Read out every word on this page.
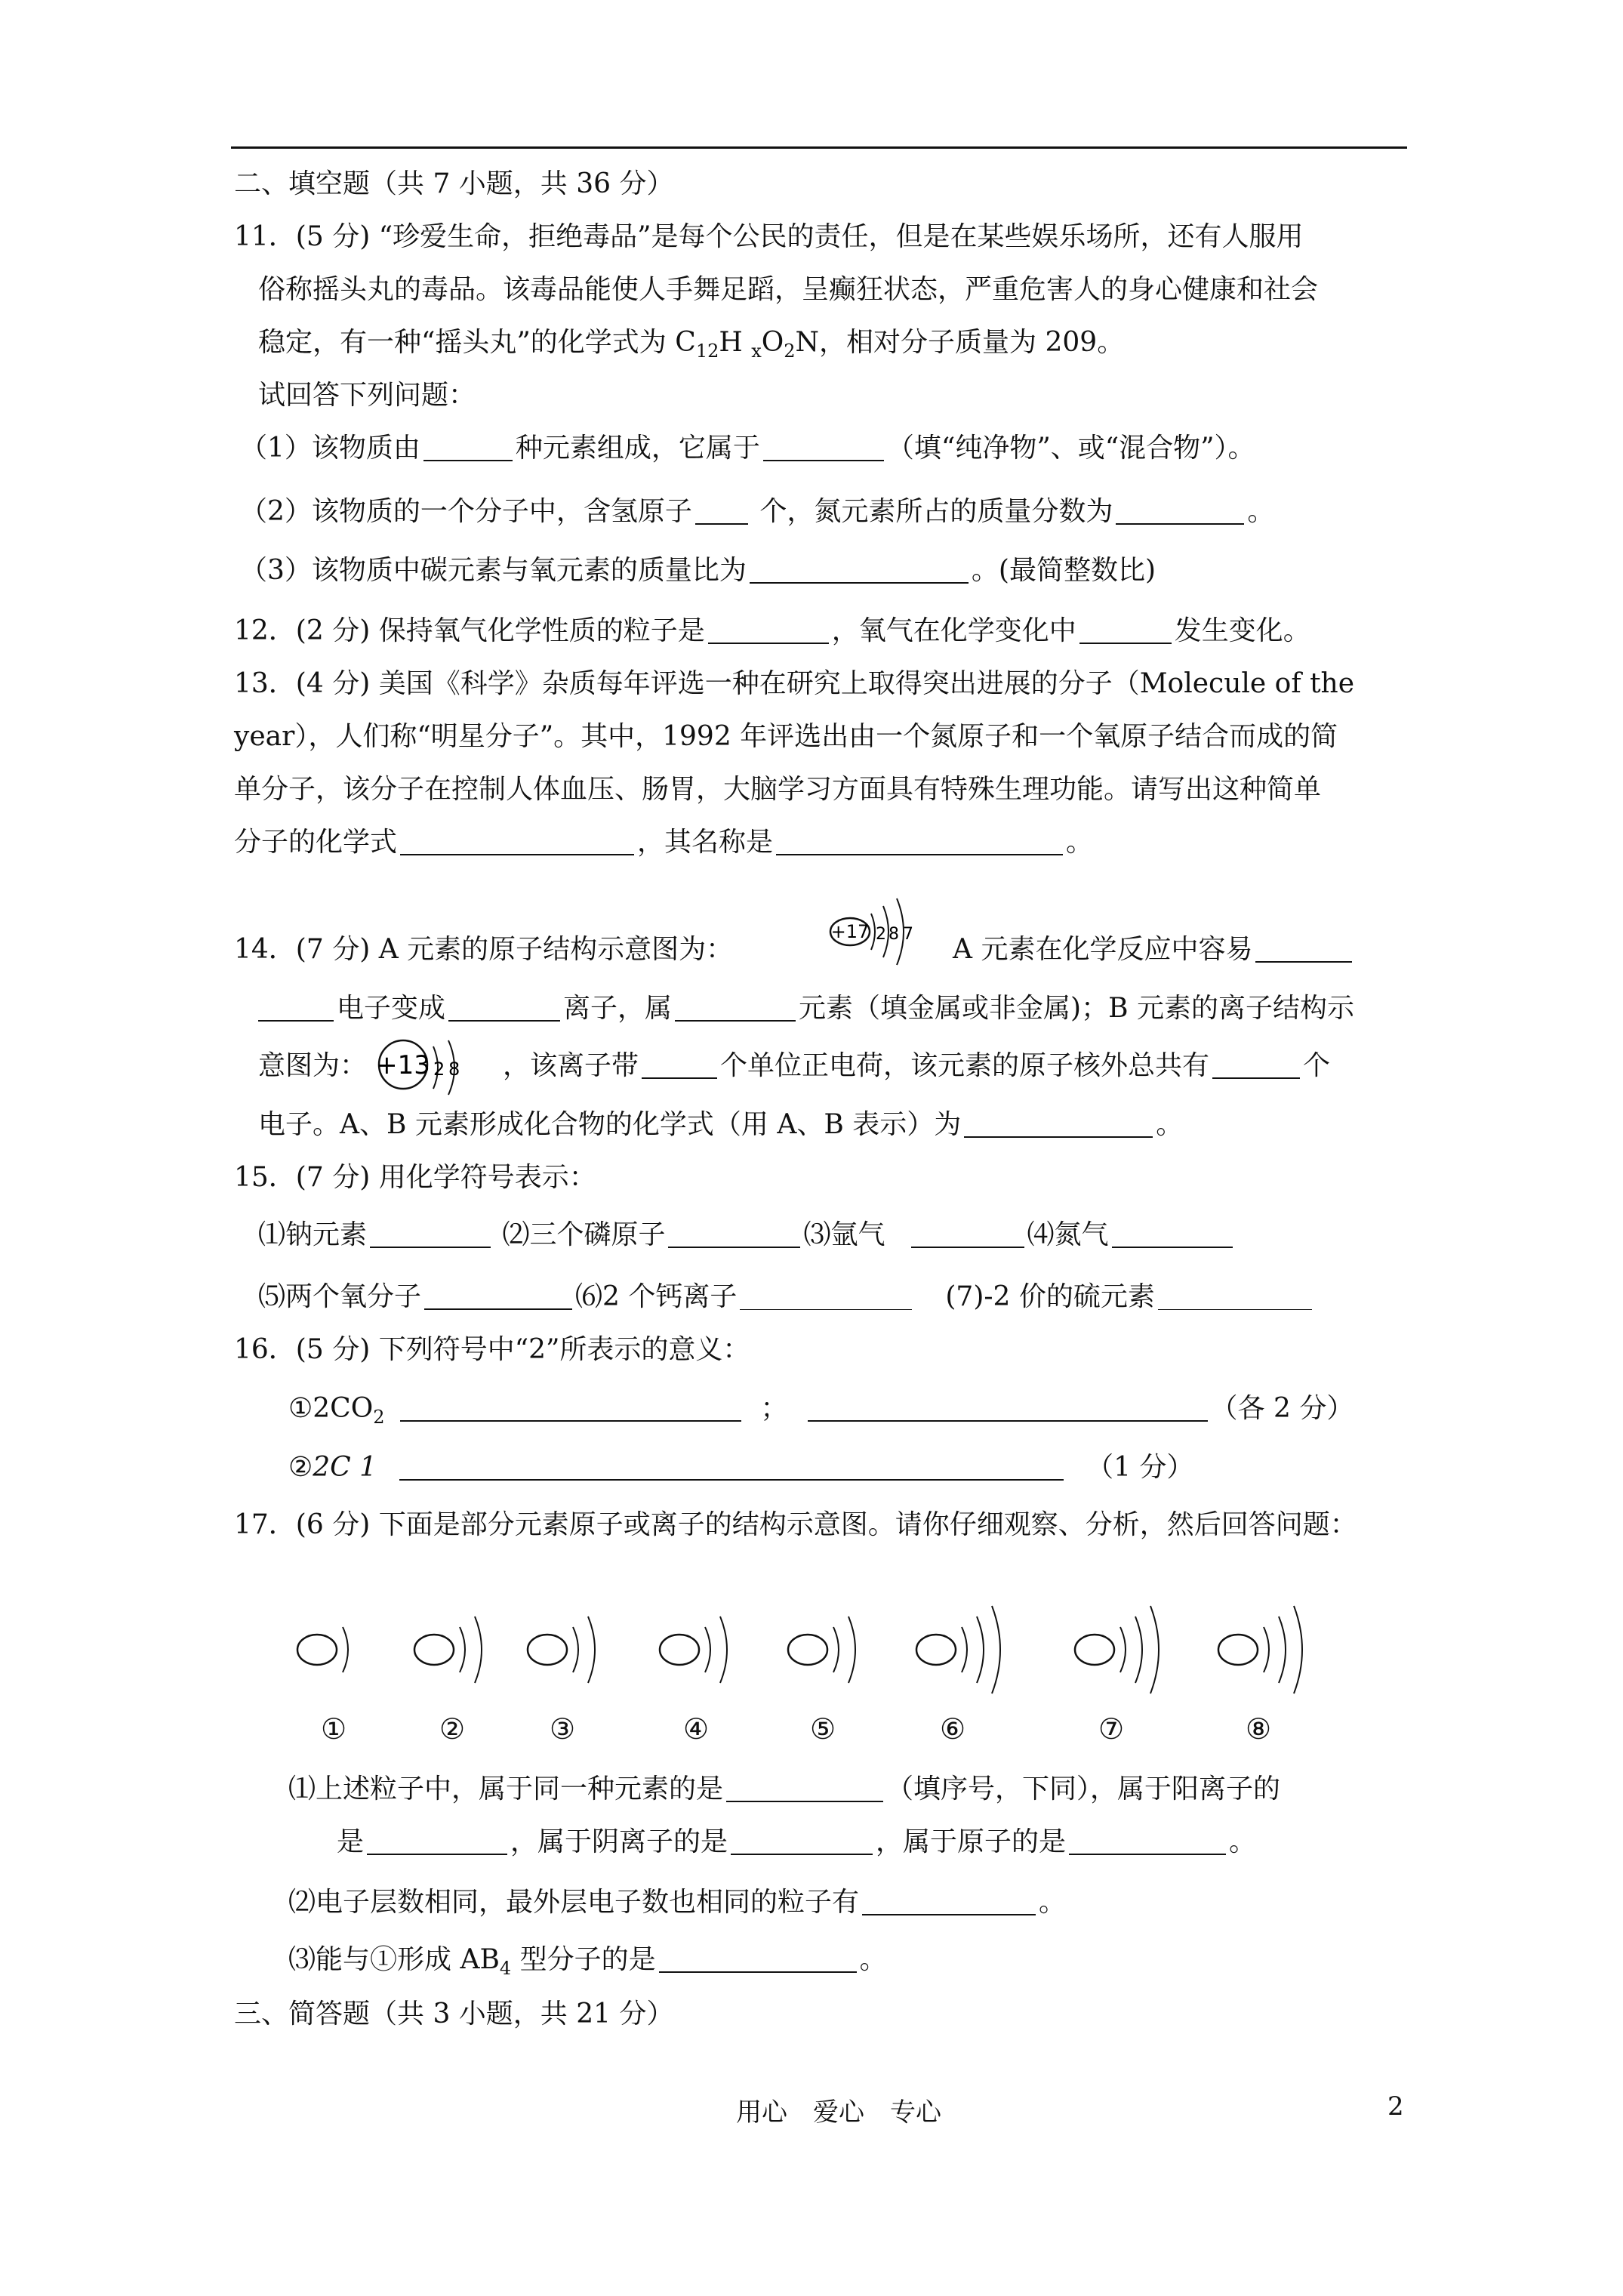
二、填空题（共 7 小题，共 36 分）
11．(5 分) “珍爱生命，拒绝毒品”是每个公民的责任，但是在某些娱乐场所，还有人服用
俗称摇头丸的毒品。该毒品能使人手舞足蹈，呈癫狂状态，严重危害人的身心健康和社会
稳定，有一种“摇头丸”的化学式为 $C_{12}H$ $_xO_2N$，相对分子质量为 209。
试回答下列问题：
（1）该物质由	种元素组成，它属于	（填“纯净物”、或“混合物”）。
（2）该物质的一个分子中，含氢原子 个，氮元素所占的质量分数为	。
（3）该物质中碳元素与氧元素的质量比为	。(最简整数比)
12．(2 分) 保持氧气化学性质的粒子是	，氧气在化学变化中	发生变化。
13．(4 分) 美国《科学》杂质每年评选一种在研究上取得突出进展的分子（Molecule of the
year），人们称“明星分子”。其中，1992 年评选出由一个氮原子和一个氧原子结合而成的简
单分子，该分子在控制人体血压、肠胃，大脑学习方面具有特殊生理功能。请写出这种简单
分子的化学式	，其名称是	。
14．(7 分) A 元素的原子结构示意图为：
+17 2 8 7 A 元素在化学反应中容易
电子变成	离子，属	元素（填金属或非金属)；B 元素的离子结构示
意图为： +13 2 8 ，该离子带	个单位正电荷，该元素的原子核外总共有	个
电子。A、B 元素形成化合物的化学式（用 A、B 表示）为	。
15．(7 分) 用化学符号表示：
⑴钠元素	⑵三个磷原子	⑶氩气	⑷氮气
⑸两个氧分子	⑹2 个钙离子	(7)-2 价的硫元素
16．(5 分) 下列符号中“2”所表示的意义：
$①2CO_2$	；	（各 2 分）
②2C 1	（1 分）
17．(6 分) 下面是部分元素原子或离子的结构示意图。请你仔细观察、分析，然后回答问题：
①	②	③	④	⑤	⑥	⑦	⑧
⑴上述粒子中，属于同一种元素的是	（填序号，下同），属于阳离子的
是	，属于阴离子的是	，属于原子的是	。
⑵电子层数相同，最外层电子数也相同的粒子有	。
⑶能与①形成 $AB_4$ 型分子的是	。
三、简答题（共 3 小题，共 21 分）
用心　爱心　专心	2
